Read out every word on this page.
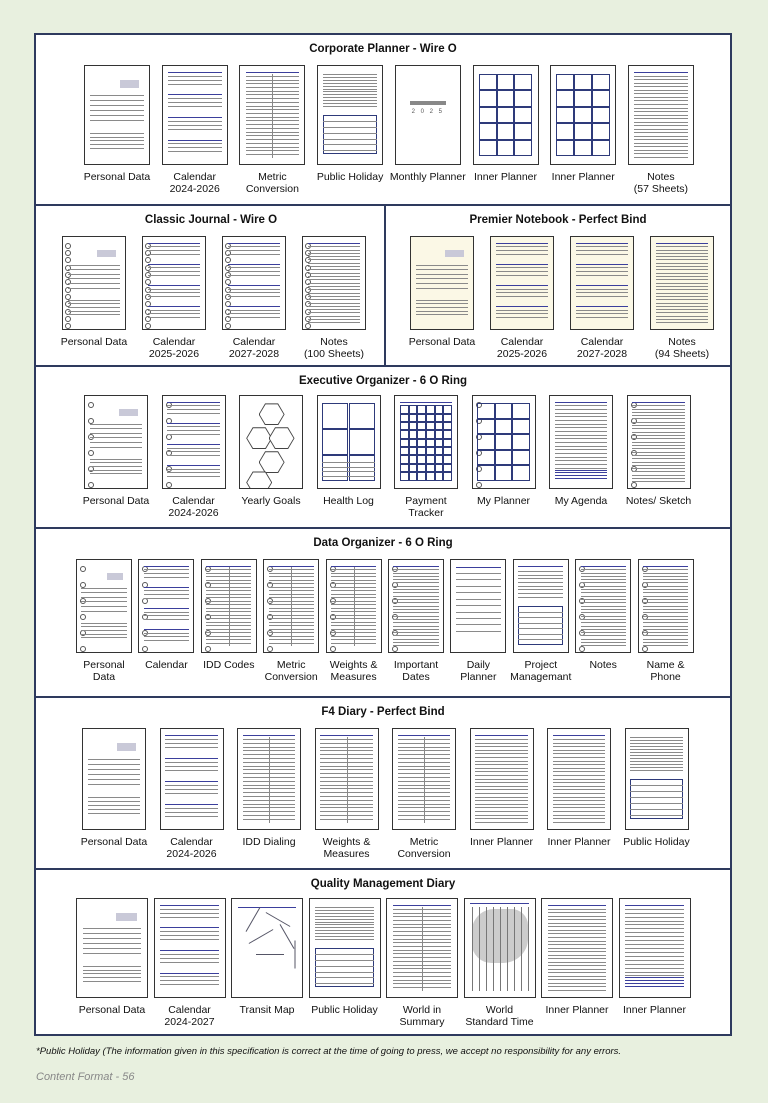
Corporate Planner - Wire O
Personal Data	Calendar
2024-2026
Metric
Conversion
Public Holiday
2 0 2 5
Monthly Planner Inner Planner	Inner Planner	Notes
(57 Sheets)
Classic Journal - Wire O
Personal Data	Calendar
2025-2026
Calendar
2027-2028
Notes
(100 Sheets)
Premier Notebook - Perfect Bind
Personal Data	Calendar
2025-2026
Calendar
2027-2028
Notes
(94 Sheets)
Executive Organizer - 6 O Ring
Personal Data	Calendar
2024-2026
Yearly Goals	Health Log	Payment
Tracker
My Planner	My Agenda	Notes/ Sketch
Data Organizer - 6 O Ring
Personal
Data
Calendar	IDD Codes	Metric
Conversion
Weights &
Measures
Important
Dates
Daily
Planner
Project
Managemant
Notes	Name &
Phone
F4 Diary - Perfect Bind
Personal Data	Calendar
2024-2026
IDD Dialing	Weights &
Measures
Metric
Conversion
Inner Planner	Inner Planner	Public Holiday
Quality Management Diary
Personal Data	Calendar
2024-2027
Transit Map	Public Holiday	World in
Summary
World
Standard Time
Inner Planner	Inner Planner
*Public Holiday (The information given in this specification is correct at the time of going to press, we accept no responsibility for any errors.
Content Format - 56
